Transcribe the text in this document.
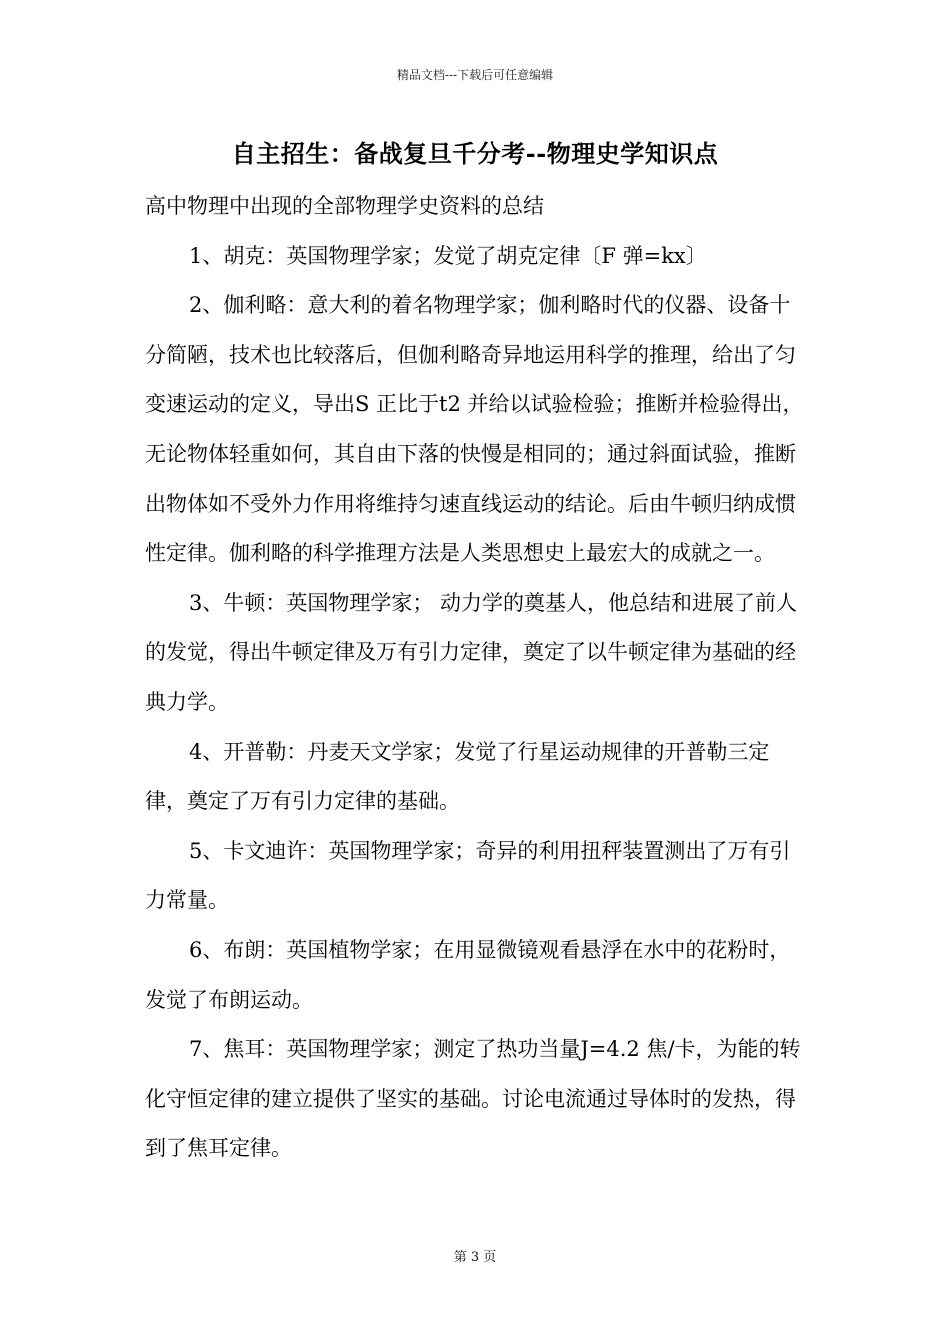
精品文档---下载后可任意编辑
自主招生：备战复旦千分考--物理史学知识点

高中物理中出现的全部物理学史资料的总结

1、胡克：英国物理学家；发觉了胡克定律〔F 弹=kx〕

2、伽利略：意大利的着名物理学家；伽利略时代的仪器、设备十分简陋，技术也比较落后，但伽利略奇异地运用科学的推理，给出了匀变速运动的定义，导出S 正比于t2 并给以试验检验；推断并检验得出，无论物体轻重如何，其自由下落的快慢是相同的；通过斜面试验，推断出物体如不受外力作用将维持匀速直线运动的结论。后由牛顿归纳成惯性定律。伽利略的科学推理方法是人类思想史上最宏大的成就之一。

3、牛顿：英国物理学家； 动力学的奠基人，他总结和进展了前人的发觉，得出牛顿定律及万有引力定律，奠定了以牛顿定律为基础的经典力学。

4、开普勒：丹麦天文学家；发觉了行星运动规律的开普勒三定律，奠定了万有引力定律的基础。

5、卡文迪许：英国物理学家；奇异的利用扭秤装置测出了万有引力常量。

6、布朗：英国植物学家；在用显微镜观看悬浮在水中的花粉时，发觉了布朗运动。

7、焦耳：英国物理学家；测定了热功当量J=4.2 焦/卡，为能的转化守恒定律的建立提供了坚实的基础。讨论电流通过导体时的发热，得到了焦耳定律。

第 3 页
